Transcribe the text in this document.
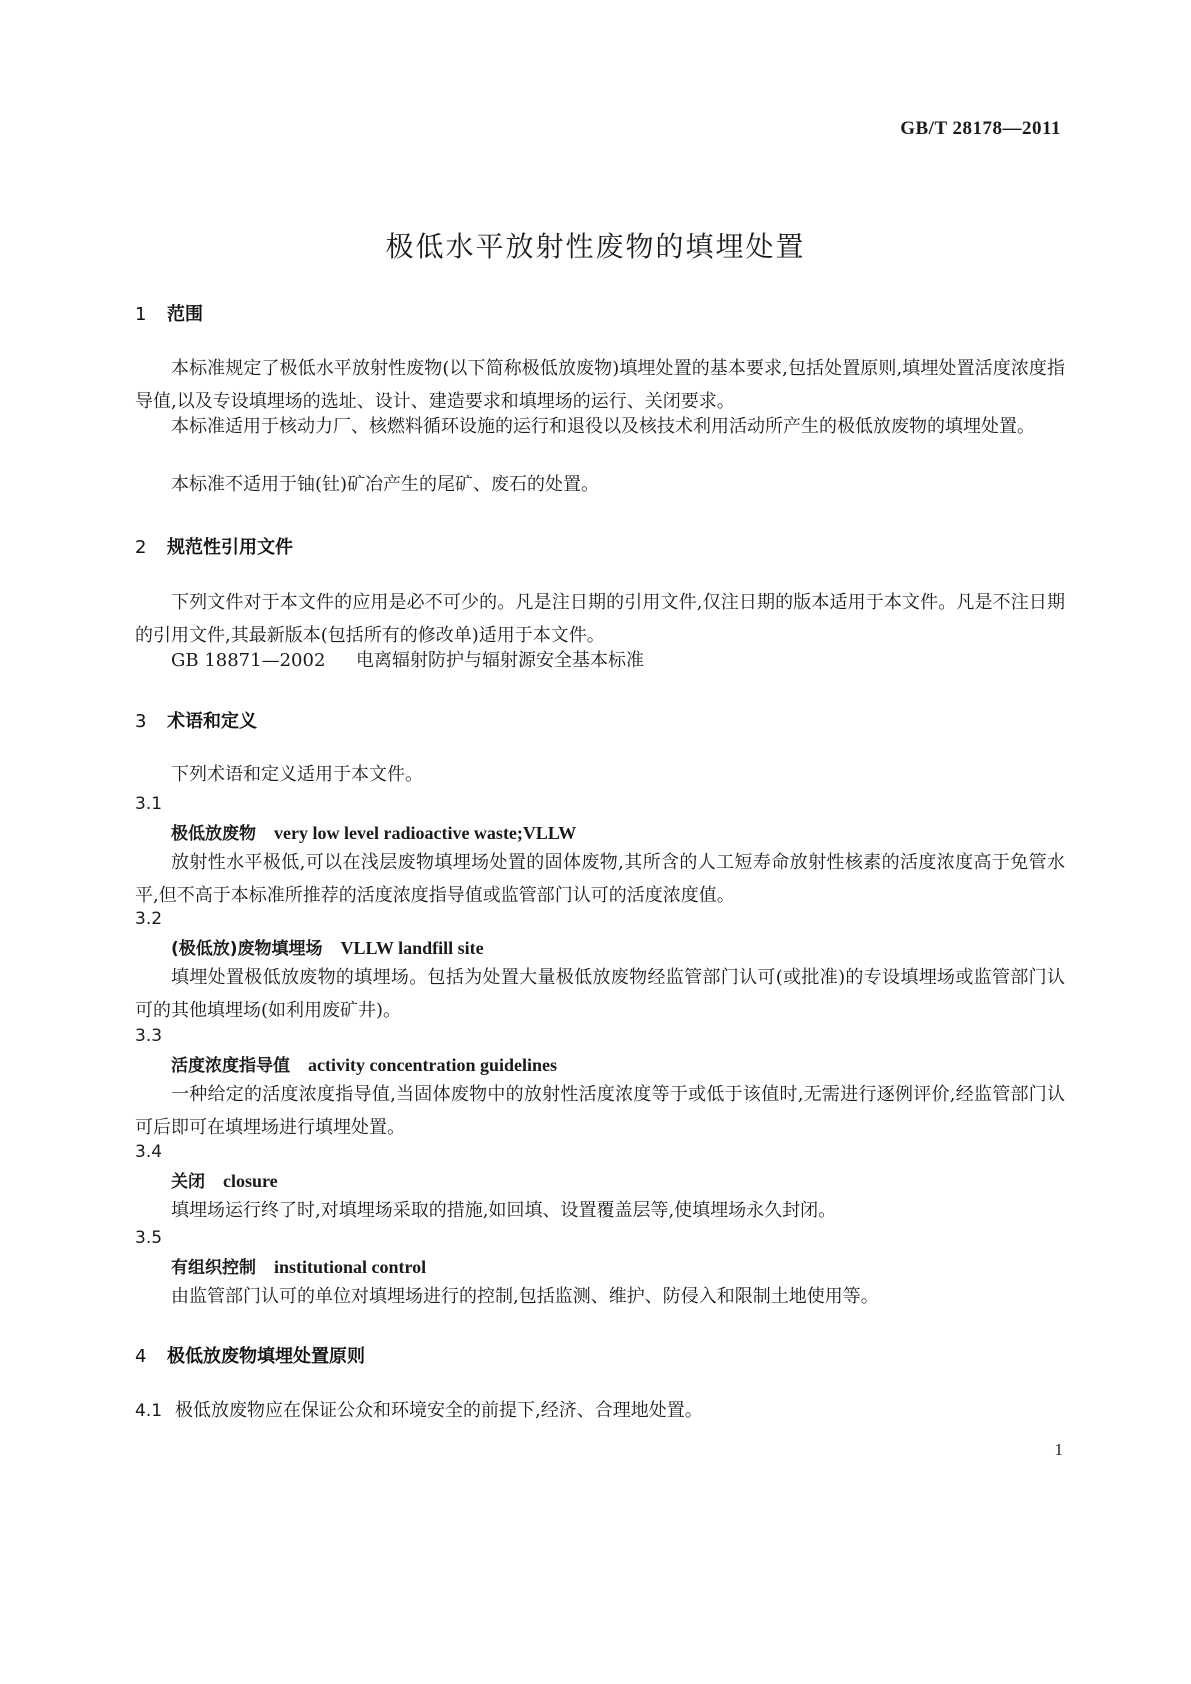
GB/T 28178—2011
极低水平放射性废物的填埋处置
1 范围

本标准规定了极低水平放射性废物(以下简称极低放废物)填埋处置的基本要求,包括处置原则,填埋处置活度浓度指导值,以及专设填埋场的选址、设计、建造要求和填埋场的运行、关闭要求。

本标准适用于核动力厂、核燃料循环设施的运行和退役以及核技术利用活动所产生的极低放废物的填埋处置。

本标准不适用于铀(钍)矿冶产生的尾矿、废石的处置。

2 规范性引用文件

下列文件对于本文件的应用是必不可少的。凡是注日期的引用文件,仅注日期的版本适用于本文件。凡是不注日期的引用文件,其最新版本(包括所有的修改单)适用于本文件。

GB 18871—2002 电离辐射防护与辐射源安全基本标准
3 术语和定义
下列术语和定义适用于本文件。
3.1
极低放废物 very low level radioactive waste;VLLW

放射性水平极低,可以在浅层废物填埋场处置的固体废物,其所含的人工短寿命放射性核素的活度浓度高于免管水平,但不高于本标准所推荐的活度浓度指导值或监管部门认可的活度浓度值。

3.2
(极低放)废物填埋场 VLLW landfill site

填埋处置极低放废物的填埋场。包括为处置大量极低放废物经监管部门认可(或批准)的专设填埋场或监管部门认可的其他填埋场(如利用废矿井)。

3.3
活度浓度指导值 activity concentration guidelines

一种给定的活度浓度指导值,当固体废物中的放射性活度浓度等于或低于该值时,无需进行逐例评价,经监管部门认可后即可在填埋场进行填埋处置。

3.4
关闭 closure
填埋场运行终了时,对填埋场采取的措施,如回填、设置覆盖层等,使填埋场永久封闭。
3.5
有组织控制 institutional control
由监管部门认可的单位对填埋场进行的控制,包括监测、维护、防侵入和限制土地使用等。
4 极低放废物填埋处置原则
4.1 极低放废物应在保证公众和环境安全的前提下,经济、合理地处置。
1
